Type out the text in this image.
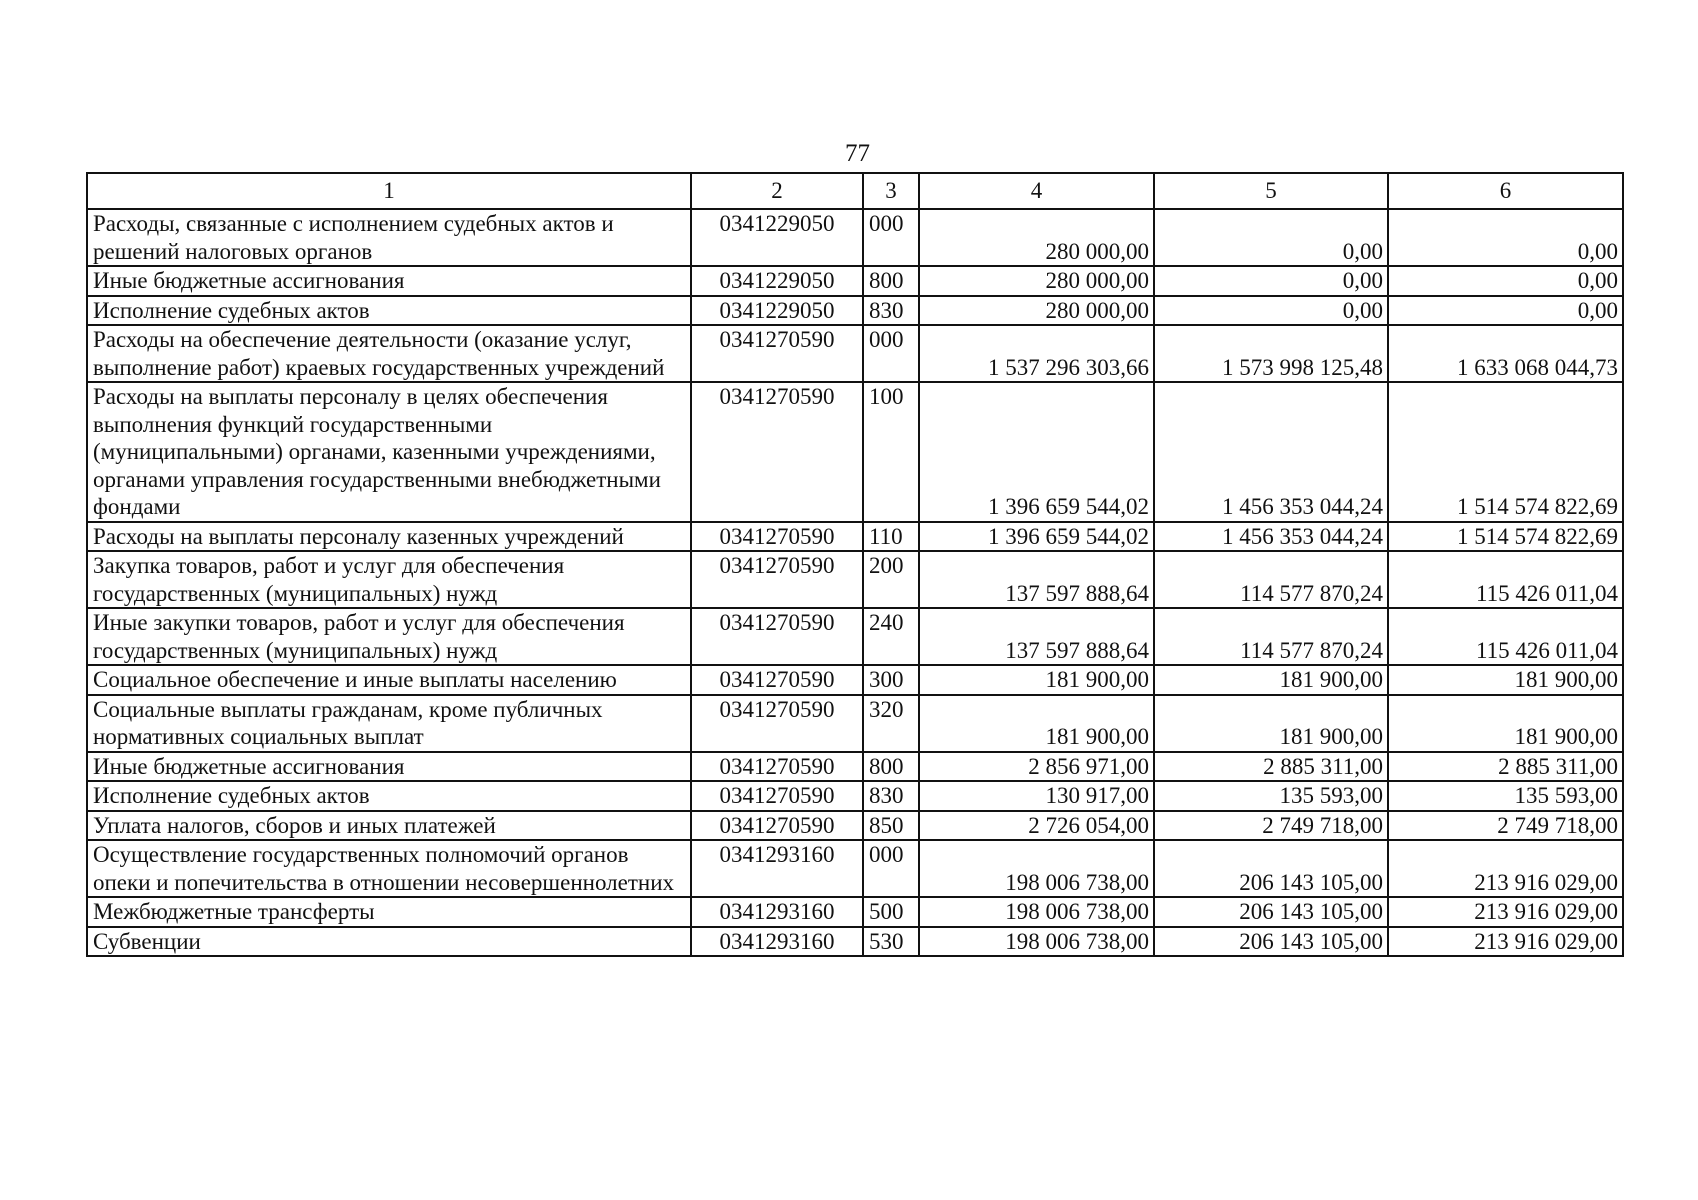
77
1	2	3	4	5	6
Расходы, связанные с исполнением судебных актов и решений налоговых органов	0341229050	000	280 000,00	0,00	0,00
Иные бюджетные ассигнования	0341229050	800	280 000,00	0,00	0,00
Исполнение судебных актов	0341229050	830	280 000,00	0,00	0,00
Расходы на обеспечение деятельности (оказание услуг, выполнение работ) краевых государственных учреждений	0341270590	000	1 537 296 303,66	1 573 998 125,48	1 633 068 044,73
Расходы на выплаты персоналу в целях обеспечения выполнения функций государственными (муниципальными) органами, казенными учреждениями, органами управления государственными внебюджетными фондами	0341270590	100	1 396 659 544,02	1 456 353 044,24	1 514 574 822,69
Расходы на выплаты персоналу казенных учреждений	0341270590	110	1 396 659 544,02	1 456 353 044,24	1 514 574 822,69
Закупка товаров, работ и услуг для обеспечения государственных (муниципальных) нужд	0341270590	200	137 597 888,64	114 577 870,24	115 426 011,04
Иные закупки товаров, работ и услуг для обеспечения государственных (муниципальных) нужд	0341270590	240	137 597 888,64	114 577 870,24	115 426 011,04
Социальное обеспечение и иные выплаты населению	0341270590	300	181 900,00	181 900,00	181 900,00
Социальные выплаты гражданам, кроме публичных нормативных социальных выплат	0341270590	320	181 900,00	181 900,00	181 900,00
Иные бюджетные ассигнования	0341270590	800	2 856 971,00	2 885 311,00	2 885 311,00
Исполнение судебных актов	0341270590	830	130 917,00	135 593,00	135 593,00
Уплата налогов, сборов и иных платежей	0341270590	850	2 726 054,00	2 749 718,00	2 749 718,00
Осуществление государственных полномочий органов опеки и попечительства в отношении несовершеннолетних	0341293160	000	198 006 738,00	206 143 105,00	213 916 029,00
Межбюджетные трансферты	0341293160	500	198 006 738,00	206 143 105,00	213 916 029,00
Субвенции	0341293160	530	198 006 738,00	206 143 105,00	213 916 029,00
